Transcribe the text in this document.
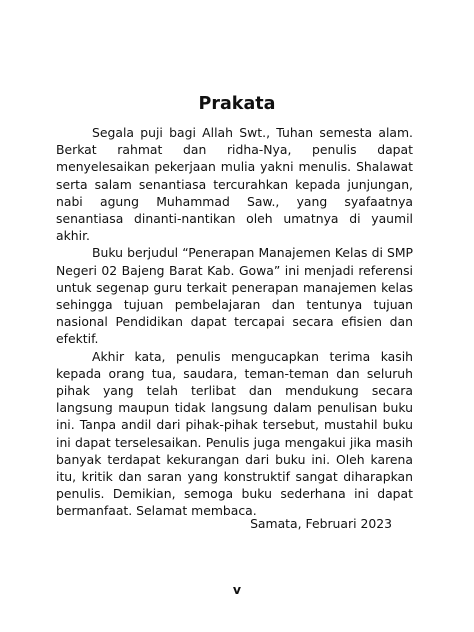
Prakata

Segala puji bagi Allah Swt., Tuhan semesta alam. Berkat rahmat dan ridha-Nya, penulis dapat menyelesaikan pekerjaan mulia yakni menulis. Shalawat serta salam senantiasa tercurahkan kepada junjungan, nabi agung Muhammad Saw., yang syafaatnya senantiasa dinanti-nantikan oleh umatnya di yaumil akhir.

Buku berjudul “Penerapan Manajemen Kelas di SMP Negeri 02 Bajeng Barat Kab. Gowa” ini menjadi referensi untuk segenap guru terkait penerapan manajemen kelas sehingga tujuan pembelajaran dan tentunya tujuan nasional Pendidikan dapat tercapai secara efisien dan efektif.

Akhir kata, penulis mengucapkan terima kasih kepada orang tua, saudara, teman-teman dan seluruh pihak yang telah terlibat dan mendukung secara langsung maupun tidak langsung dalam penulisan buku ini. Tanpa andil dari pihak-pihak tersebut, mustahil buku ini dapat terselesaikan. Penulis juga mengakui jika masih banyak terdapat kekurangan dari buku ini. Oleh karena itu, kritik dan saran yang konstruktif sangat diharapkan penulis. Demikian, semoga buku sederhana ini dapat bermanfaat. Selamat membaca.

Samata, Februari 2023
v
